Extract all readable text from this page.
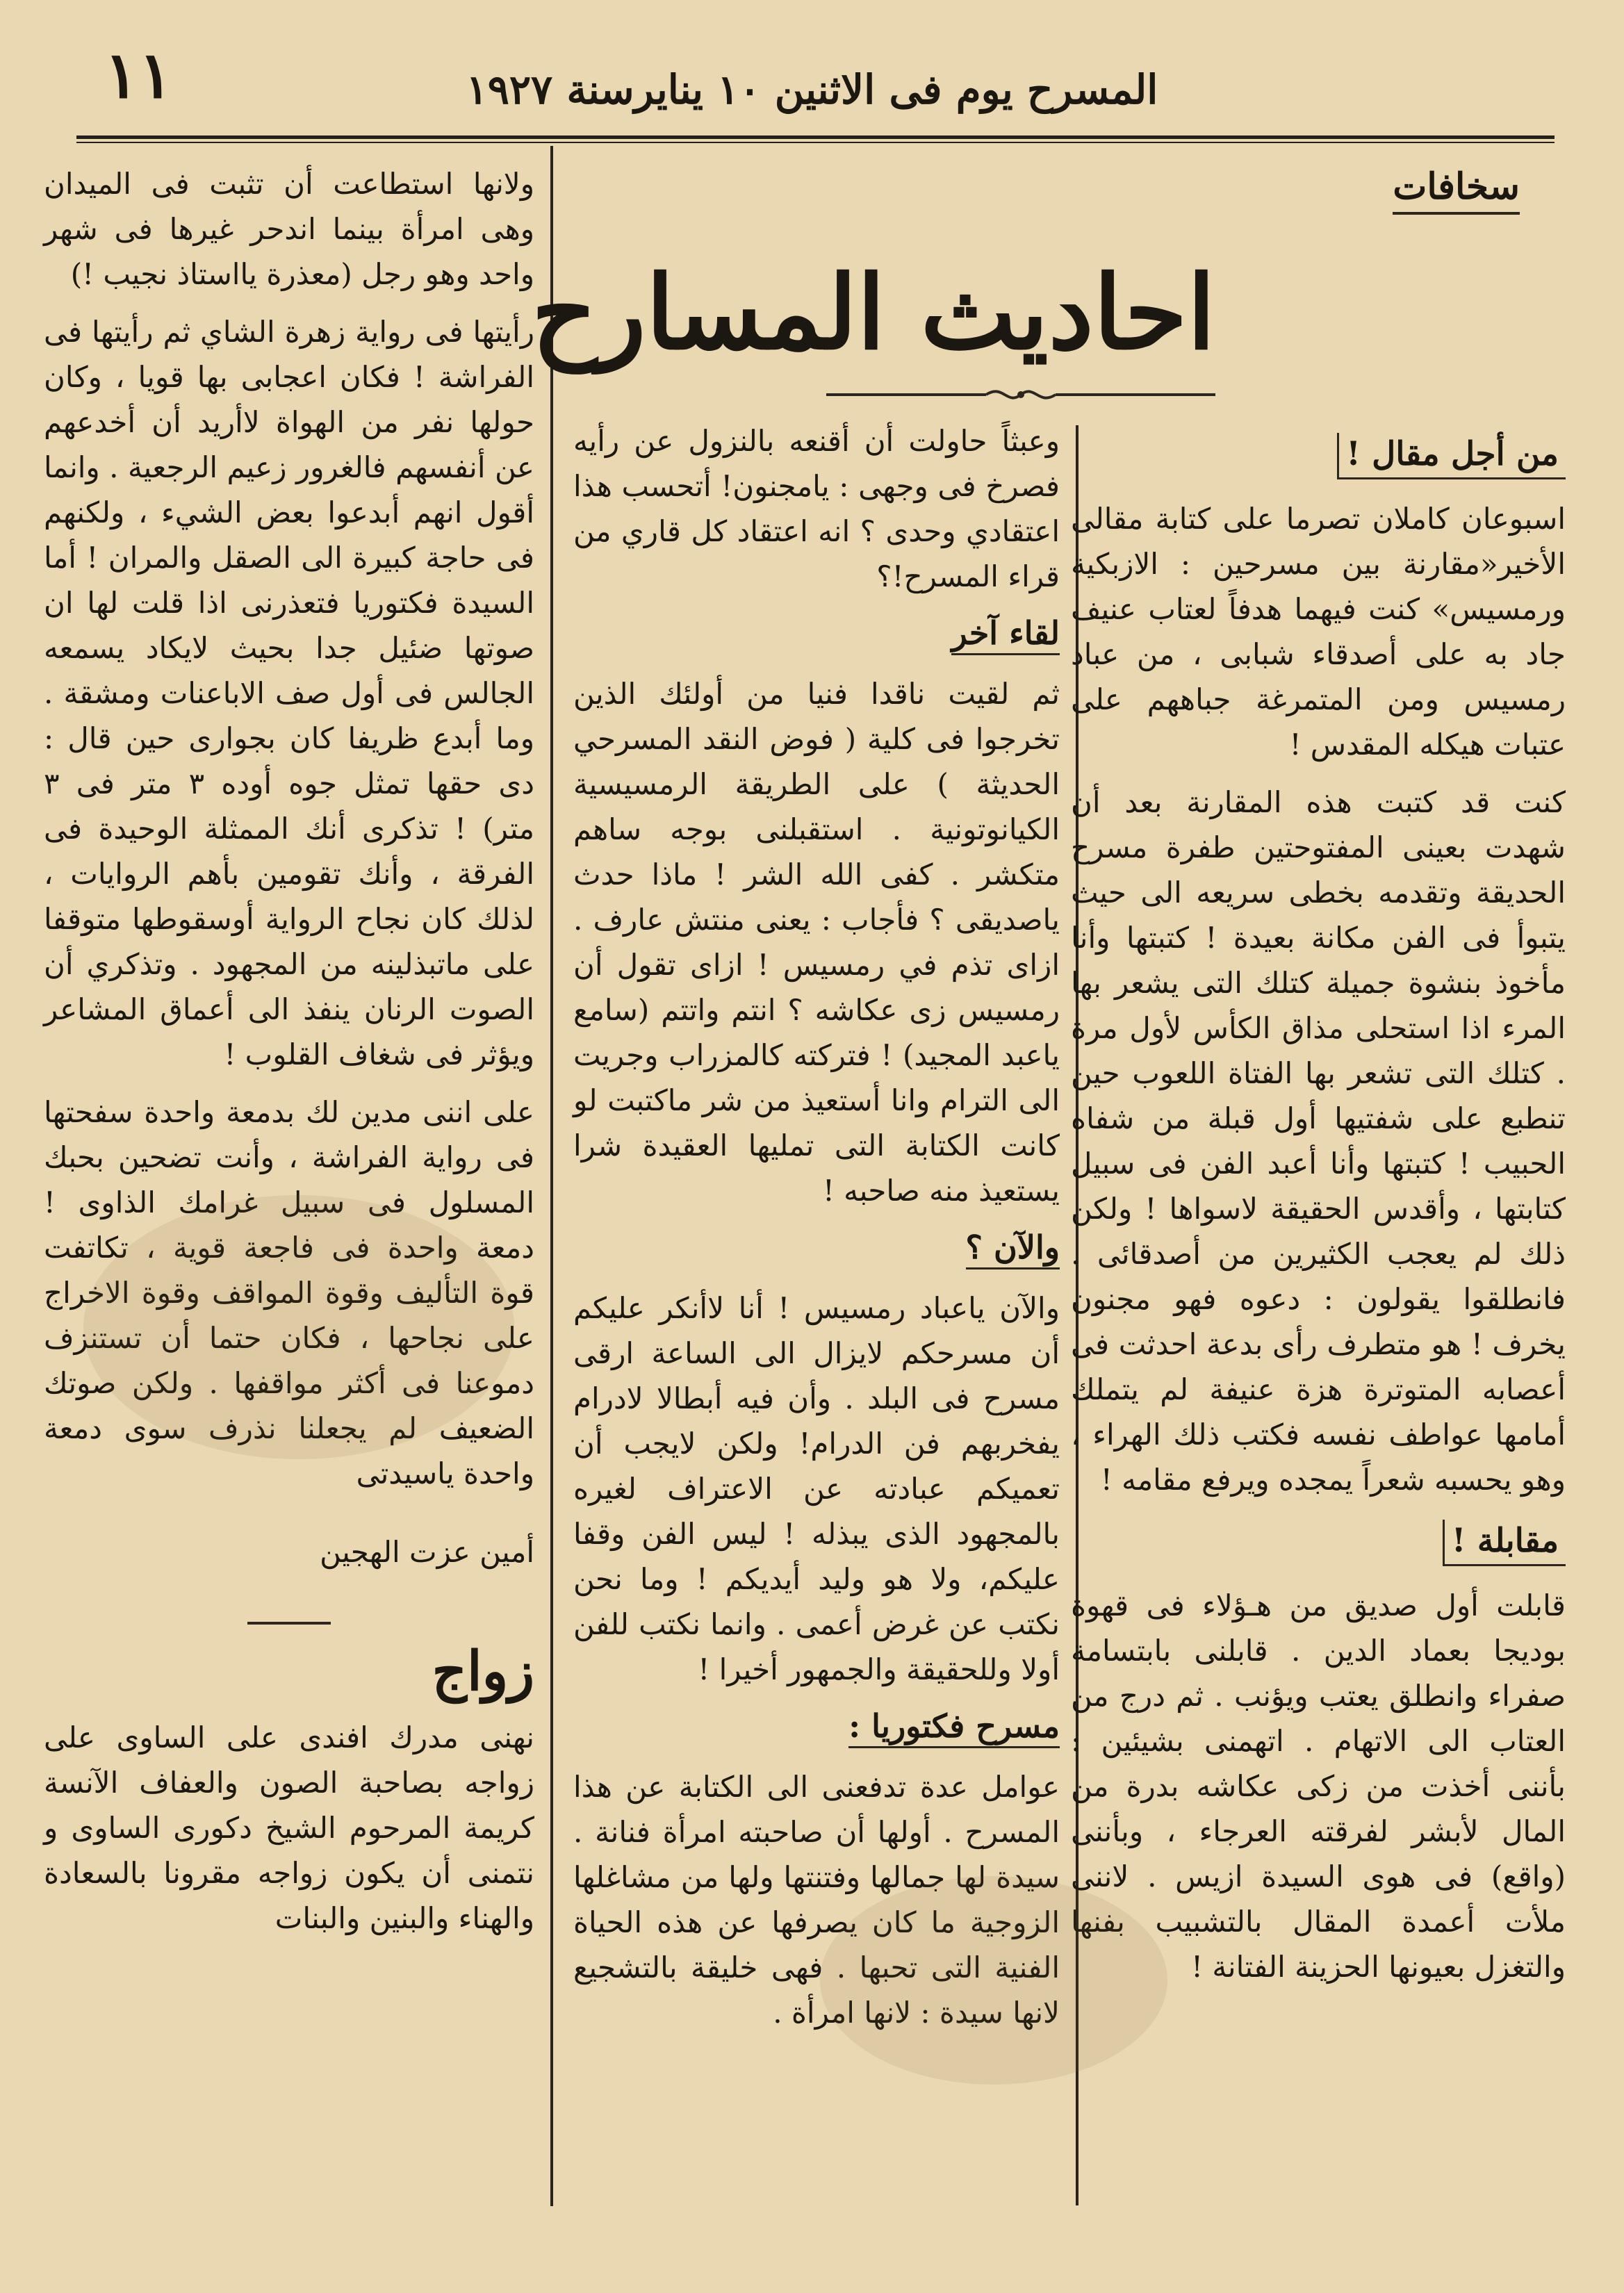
١١	المسرح يوم فى الاثنين ١٠ ينايرسنة ١٩٢٧
سخافات
احاديث المسارح
من أجل مقال !

اسبوعان كاملان تصرما على كتابة مقالى الأخير«مقارنة بين مسرحين : الازبكية ورمسيس» كنت فيهما هدفاً لعتاب عنيف جاد به على أصدقاء شبابى ، من عباد رمسيس ومن المتمرغة جباههم على عتبات هيكله المقدس !

كنت قد كتبت هذه المقارنة بعد أن شهدت بعينى المفتوحتين طفرة مسرح الحديقة وتقدمه بخطى سريعه الى حيث يتبوأ فى الفن مكانة بعيدة ! كتبتها وأنا مأخوذ بنشوة جميلة كتلك التى يشعر بها المرء اذا استحلى مذاق الكأس لأول مرة . كتلك التى تشعر بها الفتاة اللعوب حين تنطبع على شفتيها أول قبلة من شفاه الحبيب ! كتبتها وأنا أعبد الفن فى سبيل كتابتها ، وأقدس الحقيقة لاسواها ! ولكن ذلك لم يعجب الكثيرين من أصدقائى . فانطلقوا يقولون : دعوه فهو مجنون يخرف ! هو متطرف رأى بدعة احدثت فى أعصابه المتوترة هزة عنيفة لم يتملك أمامها عواطف نفسه فكتب ذلك الهراء ، وهو يحسبه شعراً يمجده ويرفع مقامه !

مقابلة !

قابلت أول صديق من هـؤلاء فى قهوة بوديجا بعماد الدين . قابلنى بابتسامة صفراء وانطلق يعتب ويؤنب . ثم درج من العتاب الى الاتهام . اتهمنى بشيئين : بأننى أخذت من زكى عكاشه بدرة من المال لأبشر لفرقته العرجاء ، وبأننى (واقع) فى هوى السيدة ازيس . لاننى ملأت أعمدة المقال بالتشبيب بفنها والتغزل بعيونها الحزينة الفتانة !

وعبثاً حاولت أن أقنعه بالنزول عن رأيه فصرخ فى وجهى : يامجنون! أتحسب هذا اعتقادي وحدى ؟ انه اعتقاد كل قاري من قراء المسرح!؟

لقاء آخر

ثم لقيت ناقدا فنيا من أولئك الذين تخرجوا فى كلية ( فوض النقد المسرحي الحديثة ) على الطريقة الرمسيسية الكيانوتونية . استقبلنى بوجه ساهم متكشر . كفى الله الشر ! ماذا حدث ياصديقى ؟ فأجاب : يعنى منتش عارف . ازاى تذم في رمسيس ! ازاى تقول أن رمسيس زى عكاشه ؟ انتم واتتم (سامع ياعبد المجيد) ! فتركته كالمزراب وجريت الى الترام وانا أستعيذ من شر ماكتبت لو كانت الكتابة التى تمليها العقيدة شرا يستعيذ منه صاحبه !

والآن ؟

والآن ياعباد رمسيس ! أنا لاأنكر عليكم أن مسرحكم لايزال الى الساعة ارقى مسرح فى البلد . وأن فيه أبطالا لادرام يفخربهم فن الدرام! ولكن لايجب أن تعميكم عبادته عن الاعتراف لغيره بالمجهود الذى يبذله ! ليس الفن وقفا عليكم، ولا هو وليد أيديكم ! وما نحن نكتب عن غرض أعمى . وانما نكتب للفن أولا وللحقيقة والجمهور أخيرا !

مسرح فكتوريا :

عوامل عدة تدفعنى الى الكتابة عن هذا المسرح . أولها أن صاحبته امرأة فنانة . سيدة لها جمالها وفتنتها ولها من مشاغلها الزوجية ما كان يصرفها عن هذه الحياة الفنية التى تحبها . فهى خليقة بالتشجيع لانها سيدة : لانها امرأة .

ولانها استطاعت أن تثبت فى الميدان وهى امرأة بينما اندحر غيرها فى شهر واحد وهو رجل (معذرة يااستاذ نجيب !)

رأيتها فى رواية زهرة الشاي ثم رأيتها فى الفراشة ! فكان اعجابى بها قويا ، وكان حولها نفر من الهواة لاأريد أن أخدعهم عن أنفسهم فالغرور زعيم الرجعية . وانما أقول انهم أبدعوا بعض الشيء ، ولكنهم فى حاجة كبيرة الى الصقل والمران ! أما السيدة فكتوريا فتعذرنى اذا قلت لها ان صوتها ضئيل جدا بحيث لايكاد يسمعه الجالس فى أول صف الاباعنات ومشقة . وما أبدع ظريفا كان بجوارى حين قال : دى حقها تمثل جوه أوده ٣ متر فى ٣ متر) ! تذكرى أنك الممثلة الوحيدة فى الفرقة ، وأنك تقومين بأهم الروايات ، لذلك كان نجاح الرواية أوسقوطها متوقفا على ماتبذلينه من المجهود . وتذكري أن الصوت الرنان ينفذ الى أعماق المشاعر ويؤثر فى شغاف القلوب !

على اننى مدين لك بدمعة واحدة سفحتها فى رواية الفراشة ، وأنت تضحين بحبك المسلول فى سبيل غرامك الذاوى ! دمعة واحدة فى فاجعة قوية ، تكاتفت قوة التأليف وقوة المواقف وقوة الاخراج على نجاحها ، فكان حتما أن تستنزف دموعنا فى أكثر مواقفها . ولكن صوتك الضعيف لم يجعلنا نذرف سوى دمعة واحدة ياسيدتى

أمين عزت الهجين
زواج

نهنى مدرك افندى على الساوى على زواجه بصاحبة الصون والعفاف الآنسة كريمة المرحوم الشيخ دكورى الساوى و نتمنى أن يكون زواجه مقرونا بالسعادة والهناء والبنين والبنات
